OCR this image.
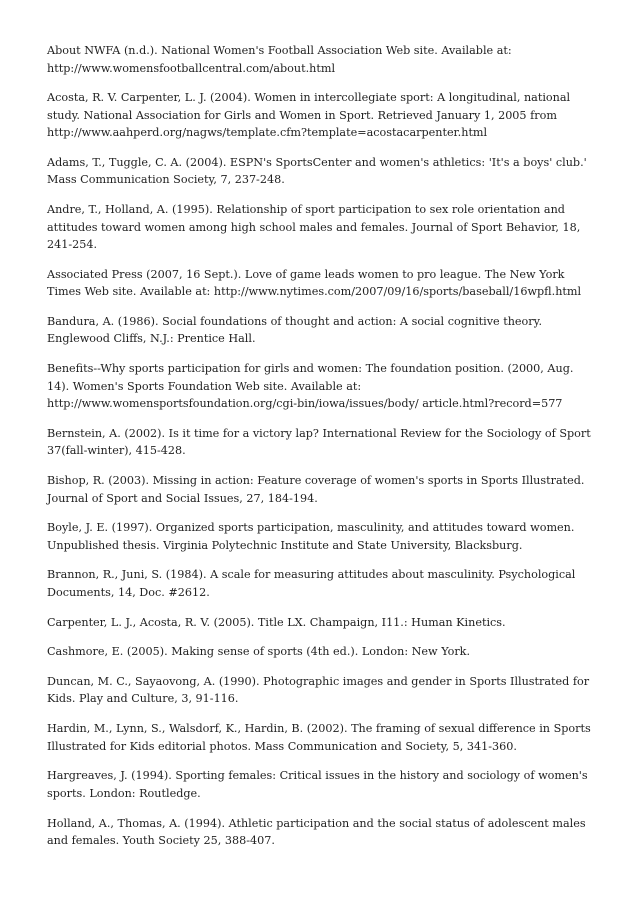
About NWFA (n.d.). National Women's Football Association Web site. Available at: http://www.womensfootballcentral.com/about.html
Acosta, R. V. Carpenter, L. J. (2004). Women in intercollegiate sport: A longitudinal, national study. National Association for Girls and Women in Sport. Retrieved January 1, 2005 from http://www.aahperd.org/nagws/template.cfm?template=acostacarpenter.html
Adams, T., Tuggle, C. A. (2004). ESPN's SportsCenter and women's athletics: 'It's a boys' club.' Mass Communication Society, 7, 237-248.
Andre, T., Holland, A. (1995). Relationship of sport participation to sex role orientation and attitudes toward women among high school males and females. Journal of Sport Behavior, 18, 241-254.
Associated Press (2007, 16 Sept.). Love of game leads women to pro league. The New York Times Web site. Available at: http://www.nytimes.com/2007/09/16/sports/baseball/16wpfl.html
Bandura, A. (1986). Social foundations of thought and action: A social cognitive theory. Englewood Cliffs, N.J.: Prentice Hall.
Benefits--Why sports participation for girls and women: The foundation position. (2000, Aug. 14). Women's Sports Foundation Web site. Available at: http://www.womensportsfoundation.org/cgi-bin/iowa/issues/body/ article.html?record=577
Bernstein, A. (2002). Is it time for a victory lap? International Review for the Sociology of Sport 37(fall-winter), 415-428.
Bishop, R. (2003). Missing in action: Feature coverage of women's sports in Sports Illustrated. Journal of Sport and Social Issues, 27, 184-194.
Boyle, J. E. (1997). Organized sports participation, masculinity, and attitudes toward women. Unpublished thesis. Virginia Polytechnic Institute and State University, Blacksburg.
Brannon, R., Juni, S. (1984). A scale for measuring attitudes about masculinity. Psychological Documents, 14, Doc. #2612.
Carpenter, L. J., Acosta, R. V. (2005). Title LX. Champaign, I11.: Human Kinetics.
Cashmore, E. (2005). Making sense of sports (4th ed.). London: New York.
Duncan, M. C., Sayaovong, A. (1990). Photographic images and gender in Sports Illustrated for Kids. Play and Culture, 3, 91-116.
Hardin, M., Lynn, S., Walsdorf, K., Hardin, B. (2002). The framing of sexual difference in Sports Illustrated for Kids editorial photos. Mass Communication and Society, 5, 341-360.
Hargreaves, J. (1994). Sporting females: Critical issues in the history and sociology of women's sports. London: Routledge.
Holland, A., Thomas, A. (1994). Athletic participation and the social status of adolescent males and females. Youth Society 25, 388-407.
